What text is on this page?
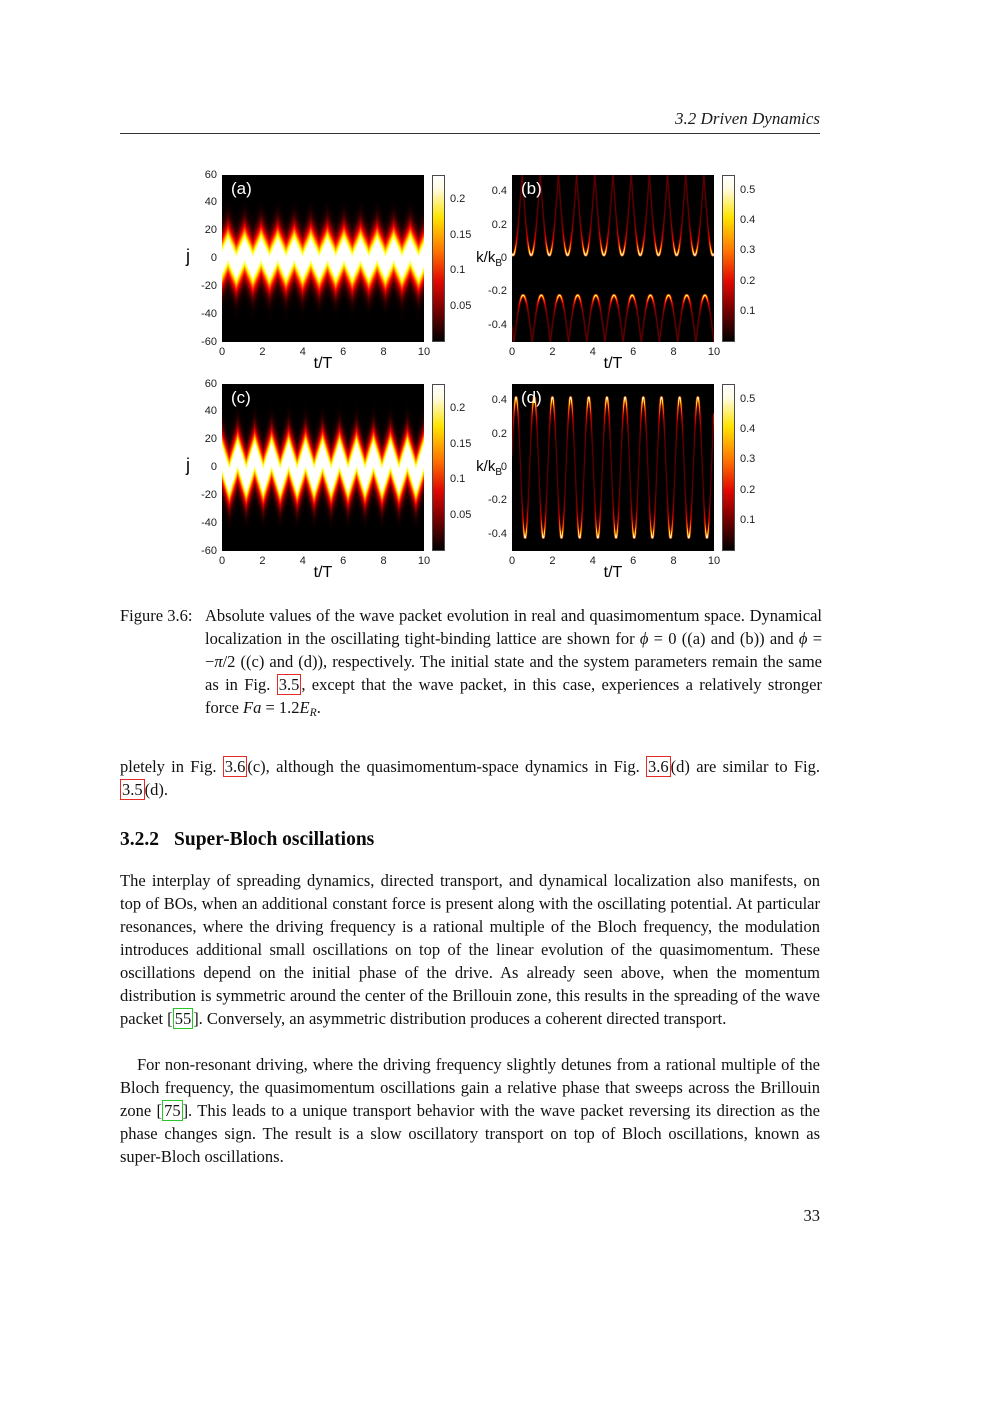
3.2 Driven Dynamics
(a)
j
t/T
(b)
$k/k_B$
t/T
(c)
j
t/T
(d)
$k/k_B$
t/T
Figure 3.6: Absolute values of the wave packet evolution in real and quasimomentum space. Dynamical localization in the oscillating tight-binding lattice are shown for ϕ = 0 ((a) and (b)) and ϕ = −π/2 ((c) and (d)), respectively. The initial state and the system parameters remain the same as in Fig. 3.5 , except that the wave packet, in this case, experiences a relatively stronger force Fa = 1.2ER.
pletely in Fig. 3.6 (c), although the quasimomentum-space dynamics in Fig. 3.6 (d) are similar to Fig. 3.5 (d).
3.2.2 Super-Bloch oscillations
The interplay of spreading dynamics, directed transport, and dynamical localization also manifests, on top of BOs, when an additional constant force is present along with the oscillating potential. At particular resonances, where the driving frequency is a rational multiple of the Bloch frequency, the modulation introduces additional small oscillations on top of the linear evolution of the quasimomentum. These oscillations depend on the initial phase of the drive. As already seen above, when the momentum distribution is symmetric around the center of the Brillouin zone, this results in the spreading of the wave packet [ 55 ]. Conversely, an asymmetric distribution produces a coherent directed transport.
For non-resonant driving, where the driving frequency slightly detunes from a rational multiple of the Bloch frequency, the quasimomentum oscillations gain a relative phase that sweeps across the Brillouin zone [ 75 ]. This leads to a unique transport behavior with the wave packet reversing its direction as the phase changes sign. The result is a slow oscillatory transport on top of Bloch oscillations, known as super-Bloch oscillations.
33
60
40
20
0
-20
-40
-60
0	2	4	6	8	10
0.2
0.15
0.1
0.05
0.4
0.2
0
-0.2
-0.4
0	2	4	6	8	10
0.5
0.4
0.3
0.2
0.1
60
40
20
0
-20
-40
-60
0	2	4	6	8	10
0.2
0.15
0.1
0.05
0.4
0.2
0
-0.2
-0.4
0	2	4	6	8	10
0.5
0.4
0.3
0.2
0.1
